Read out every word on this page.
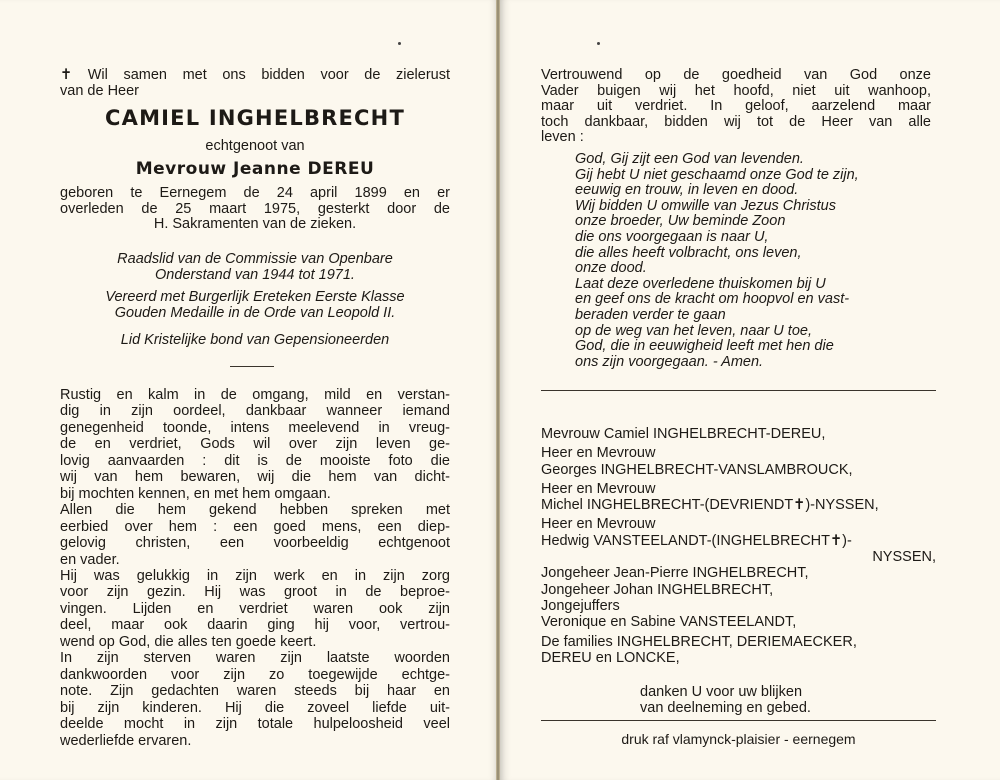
✝ Wil samen met ons bidden voor de zielerust
van de Heer
CAMIEL INGHELBRECHT
echtgenoot van
Mevrouw Jeanne DEREU
geboren te Eernegem de 24 april 1899 en er
overleden de 25 maart 1975, gesterkt door de
H. Sakramenten van de zieken.
Raadslid van de Commissie van Openbare
Onderstand van 1944 tot 1971.
Vereerd met Burgerlijk Ereteken Eerste Klasse
Gouden Medaille in de Orde van Leopold II.
Lid Kristelijke bond van Gepensioneerden
Rustig en kalm in de omgang, mild en verstan-
dig in zijn oordeel, dankbaar wanneer iemand
genegenheid toonde, intens meelevend in vreug-
de en verdriet, Gods wil over zijn leven ge-
lovig aanvaarden : dit is de mooiste foto die
wij van hem bewaren, wij die hem van dicht-
bij mochten kennen, en met hem omgaan.
Allen die hem gekend hebben spreken met
eerbied over hem : een goed mens, een diep-
gelovig christen, een voorbeeldig echtgenoot
en vader.
Hij was gelukkig in zijn werk en in zijn zorg
voor zijn gezin. Hij was groot in de beproe-
vingen. Lijden en verdriet waren ook zijn
deel, maar ook daarin ging hij voor, vertrou-
wend op God, die alles ten goede keert.
In zijn sterven waren zijn laatste woorden
dankwoorden voor zijn zo toegewijde echtge-
note. Zijn gedachten waren steeds bij haar en
bij zijn kinderen. Hij die zoveel liefde uit-
deelde mocht in zijn totale hulpeloosheid veel
wederliefde ervaren.
Vertrouwend op de goedheid van God onze
Vader buigen wij het hoofd, niet uit wanhoop,
maar uit verdriet. In geloof, aarzelend maar
toch dankbaar, bidden wij tot de Heer van alle
leven :
God, Gij zijt een God van levenden.
Gij hebt U niet geschaamd onze God te zijn,
eeuwig en trouw, in leven en dood.
Wij bidden U omwille van Jezus Christus
onze broeder, Uw beminde Zoon
die ons voorgegaan is naar U,
die alles heeft volbracht, ons leven,
onze dood.
Laat deze overledene thuiskomen bij U
en geef ons de kracht om hoopvol en vast-
beraden verder te gaan
op de weg van het leven, naar U toe,
God, die in eeuwigheid leeft met hen die
ons zijn voorgegaan. - Amen.
Mevrouw Camiel INGHELBRECHT-DEREU,
Heer en Mevrouw
Georges INGHELBRECHT-VANSLAMBROUCK,
Heer en Mevrouw
Michel INGHELBRECHT-(DEVRIENDT✝)-NYSSEN,
Heer en Mevrouw
Hedwig VANSTEELANDT-(INGHELBRECHT✝)-
NYSSEN,
Jongeheer Jean-Pierre INGHELBRECHT,
Jongeheer Johan INGHELBRECHT,
Jongejuffers
Veronique en Sabine VANSTEELANDT,
De families INGHELBRECHT, DERIEMAECKER,
DEREU en LONCKE,
danken U voor uw blijken
van deelneming en gebed.
druk raf vlamynck-plaisier - eernegem
